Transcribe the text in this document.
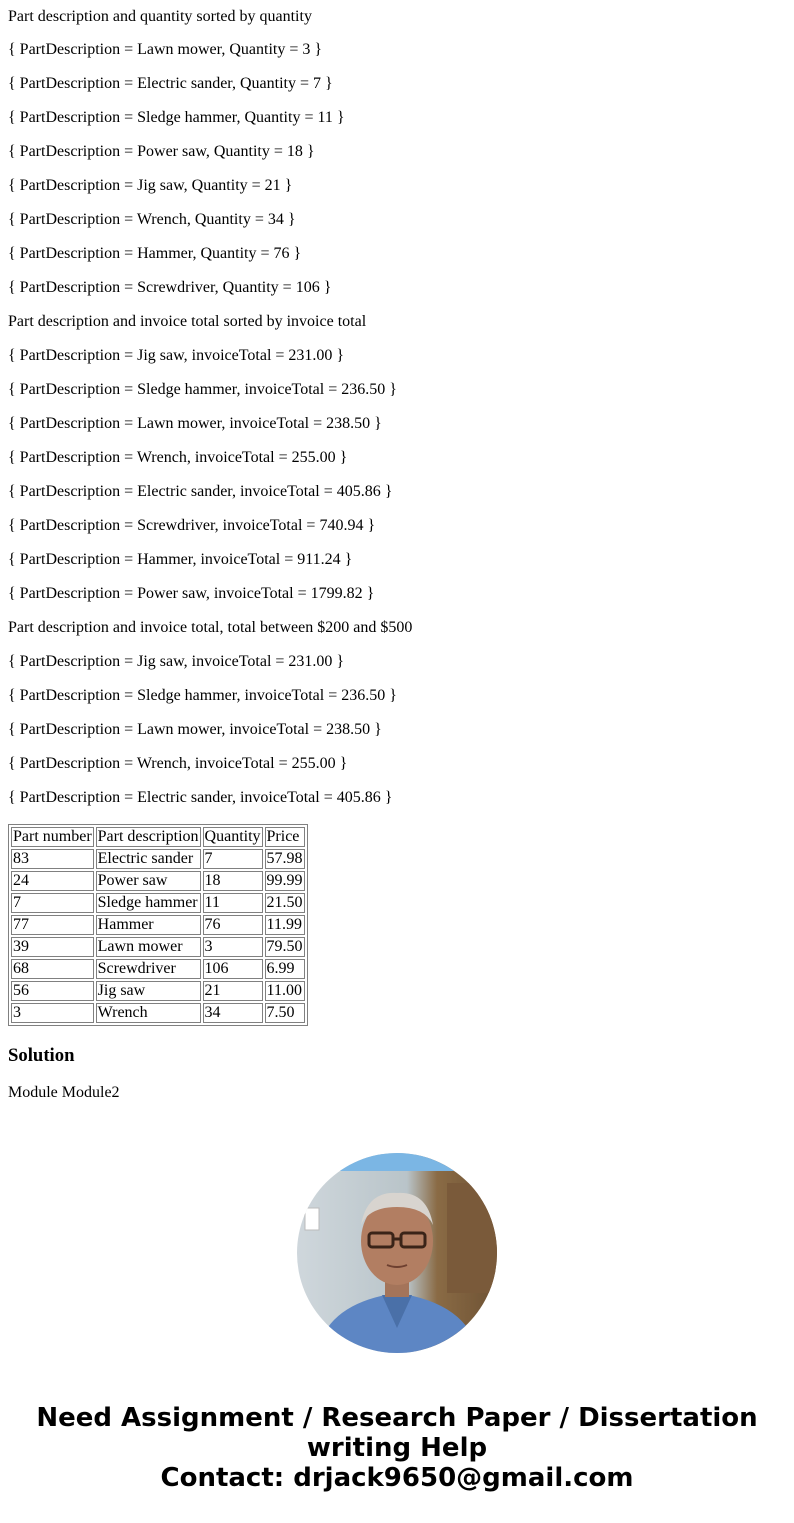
Part description and quantity sorted by quantity

{ PartDescription = Lawn mower, Quantity = 3 }

{ PartDescription = Electric sander, Quantity = 7 }

{ PartDescription = Sledge hammer, Quantity = 11 }

{ PartDescription = Power saw, Quantity = 18 }

{ PartDescription = Jig saw, Quantity = 21 }

{ PartDescription = Wrench, Quantity = 34 }

{ PartDescription = Hammer, Quantity = 76 }

{ PartDescription = Screwdriver, Quantity = 106 }

Part description and invoice total sorted by invoice total

{ PartDescription = Jig saw, invoiceTotal = 231.00 }

{ PartDescription = Sledge hammer, invoiceTotal = 236.50 }

{ PartDescription = Lawn mower, invoiceTotal = 238.50 }

{ PartDescription = Wrench, invoiceTotal = 255.00 }

{ PartDescription = Electric sander, invoiceTotal = 405.86 }

{ PartDescription = Screwdriver, invoiceTotal = 740.94 }

{ PartDescription = Hammer, invoiceTotal = 911.24 }

{ PartDescription = Power saw, invoiceTotal = 1799.82 }

Part description and invoice total, total between $200 and $500

{ PartDescription = Jig saw, invoiceTotal = 231.00 }

{ PartDescription = Sledge hammer, invoiceTotal = 236.50 }

{ PartDescription = Lawn mower, invoiceTotal = 238.50 }

{ PartDescription = Wrench, invoiceTotal = 255.00 }

{ PartDescription = Electric sander, invoiceTotal = 405.86 }

Part number	Part description	Quantity	Price
83	Electric sander	7	57.98
24	Power saw	18	99.99
7	Sledge hammer	11	21.50
77	Hammer	76	11.99
39	Lawn mower	3	79.50
68	Screwdriver	106	6.99
56	Jig saw	21	11.00
3	Wrench	34	7.50
Solution

Module Module2

Need Assignment / Research Paper / Dissertation
writing Help
Contact: drjack9650@gmail.com
